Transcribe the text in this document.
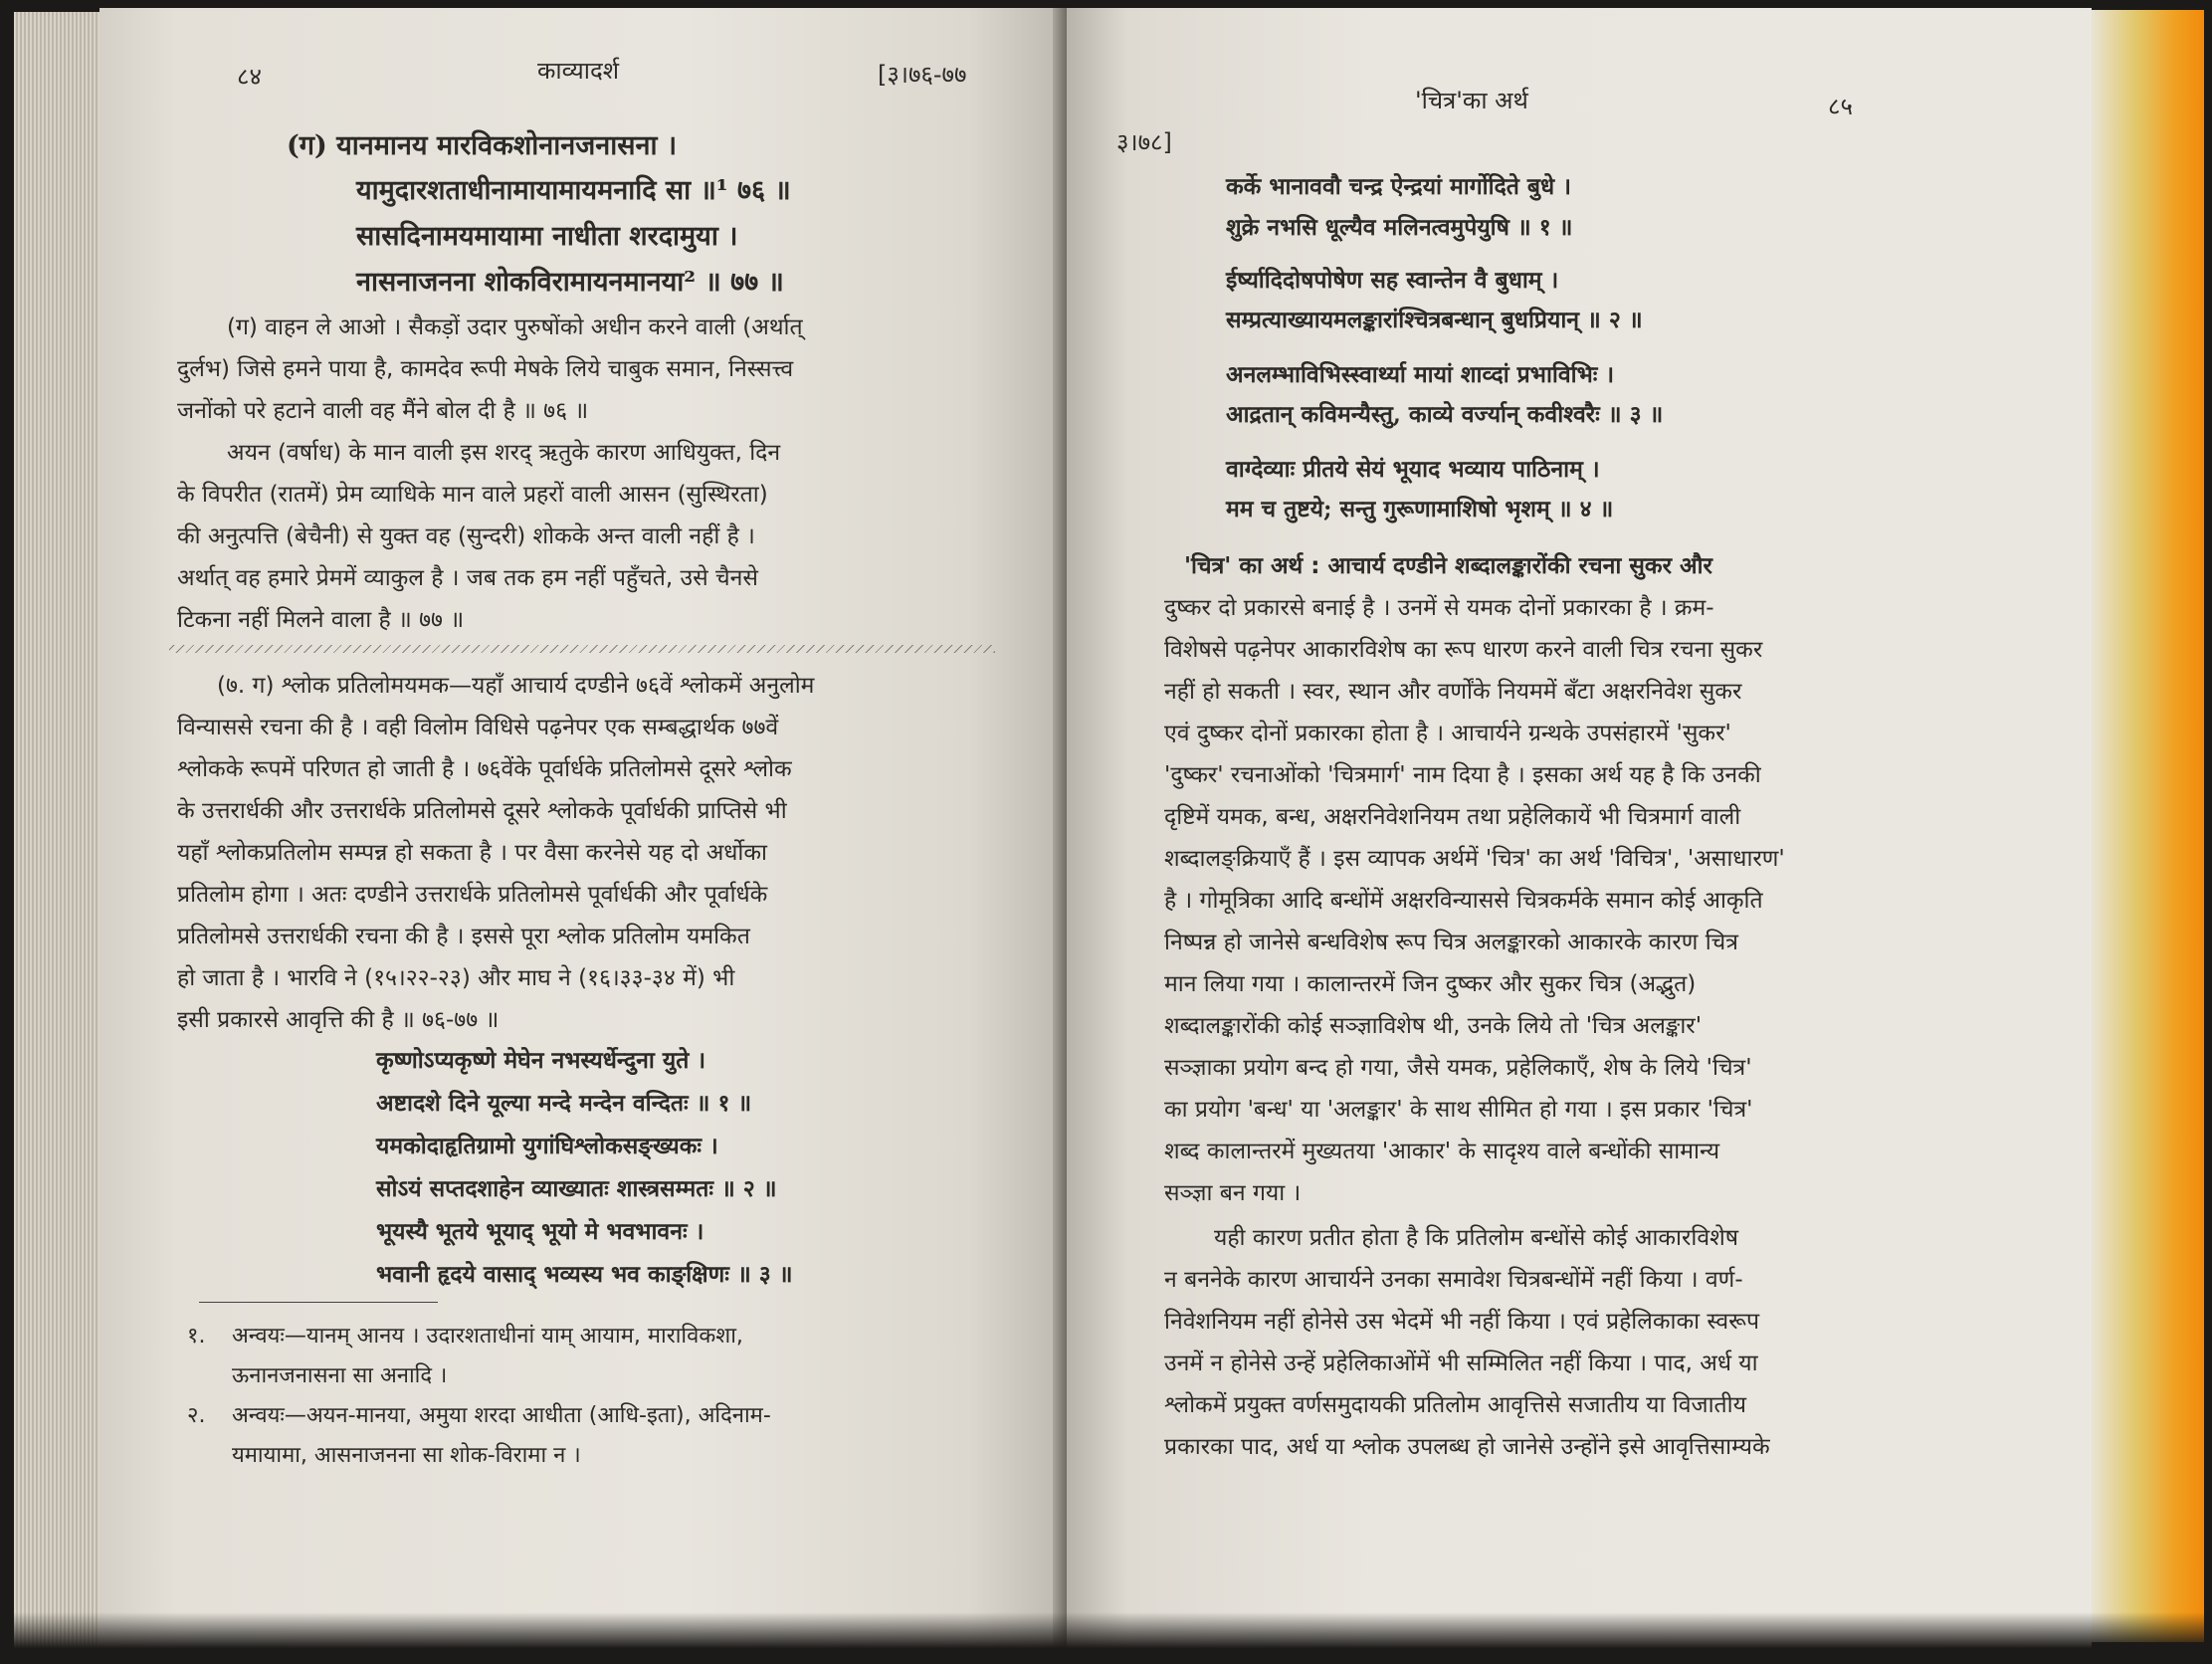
८४	काव्यादर्श	[३।७६-७७
(ग) यानमानय मारविकशोनानजनासना ।
यामुदारशताधीनामायामायमनादि सा ॥¹ ७६ ॥
सासदिनामयमायामा नाधीता शरदामुया ।
नासनाजनना शोकविरामायनमानया² ॥ ७७ ॥
(ग) वाहन ले आओ । सैकड़ों उदार पुरुषोंको अधीन करने वाली (अर्थात्
दुर्लभ) जिसे हमने पाया है, कामदेव रूपी मेषके लिये चाबुक समान, निस्सत्त्व
जनोंको परे हटाने वाली वह मैंने बोल दी है ॥ ७६ ॥
अयन (वर्षाध) के मान वाली इस शरद् ऋतुके कारण आधियुक्त, दिन
के विपरीत (रातमें) प्रेम व्याधिके मान वाले प्रहरों वाली आसन (सुस्थिरता)
की अनुत्पत्ति (बेचैनी) से युक्त वह (सुन्दरी) शोकके अन्त वाली नहीं है ।
अर्थात् वह हमारे प्रेममें व्याकुल है । जब तक हम नहीं पहुँचते, उसे चैनसे
टिकना नहीं मिलने वाला है ॥ ७७ ॥
(७. ग) श्लोक प्रतिलोमयमक—यहाँ आचार्य दण्डीने ७६वें श्लोकमें अनुलोम
विन्याससे रचना की है । वही विलोम विधिसे पढ़नेपर एक सम्बद्धार्थक ७७वें
श्लोकके रूपमें परिणत हो जाती है । ७६वेंके पूर्वार्धके प्रतिलोमसे दूसरे श्लोक
के उत्तरार्धकी और उत्तरार्धके प्रतिलोमसे दूसरे श्लोकके पूर्वार्धकी प्राप्तिसे भी
यहाँ श्लोकप्रतिलोम सम्पन्न हो सकता है । पर वैसा करनेसे यह दो अर्धोका
प्रतिलोम होगा । अतः दण्डीने उत्तरार्धके प्रतिलोमसे पूर्वार्धकी और पूर्वार्धके
प्रतिलोमसे उत्तरार्धकी रचना की है । इससे पूरा श्लोक प्रतिलोम यमकित
हो जाता है । भारवि ने (१५।२२-२३) और माघ ने (१६।३३-३४ में) भी
इसी प्रकारसे आवृत्ति की है ॥ ७६-७७ ॥
कृष्णोऽप्यकृष्णे मेघेन नभस्यर्धेन्दुना युते ।
अष्टादशे दिने यूल्या मन्दे मन्देन वन्दितः ॥ १ ॥
यमकोदाहृतिग्रामो युगांघिश्लोकसङ्ख्यकः ।
सोऽयं सप्तदशाहेन व्याख्यातः शास्त्रसम्मतः ॥ २ ॥
भूयस्यै भूतये भूयाद् भूयो मे भवभावनः ।
भवानी हृदये वासाद् भव्यस्य भव काङ्क्षिणः ॥ ३ ॥
१. अन्वयः—यानम् आनय । उदारशताधीनां याम् आयाम, माराविकशा,
ऊनानजनासना सा अनादि ।
२. अन्वयः—अयन-मानया, अमुया शरदा आधीता (आधि-इता), अदिनाम-
यमायामा, आसनाजनना सा शोक-विरामा न ।
३।७८]
'चित्र'का अर्थ	८५
कर्के भानाववौ चन्द्र ऐन्द्रयां मार्गोदिते बुधे ।
शुक्रे नभसि धूल्यैव मलिनत्वमुपेयुषि ॥ १ ॥
ईर्ष्यादिदोषपोषेण सह स्वान्तेन वै बुधाम् ।
सम्प्रत्याख्यायमलङ्कारांश्चित्रबन्धान् बुधप्रियान् ॥ २ ॥
अनलम्भाविभिस्स्वार्थ्या मायां शाव्दां प्रभाविभिः ।
आद्रतान् कविमन्यैस्तु, काव्ये वर्ज्यान् कवीश्वरैः ॥ ३ ॥
वाग्देव्याः प्रीतये सेयं भूयाद भव्याय पाठिनाम् ।
मम च तुष्टये; सन्तु गुरूणामाशिषो भृशम् ॥ ४ ॥
'चित्र' का अर्थ : आचार्य दण्डीने शब्दालङ्कारोंकी रचना सुकर और
दुष्कर दो प्रकारसे बनाई है । उनमें से यमक दोनों प्रकारका है । क्रम-
विशेषसे पढ़नेपर आकारविशेष का रूप धारण करने वाली चित्र रचना सुकर
नहीं हो सकती । स्वर, स्थान और वर्णोंके नियममें बँटा अक्षरनिवेश सुकर
एवं दुष्कर दोनों प्रकारका होता है । आचार्यने ग्रन्थके उपसंहारमें 'सुकर'
'दुष्कर' रचनाओंको 'चित्रमार्ग' नाम दिया है । इसका अर्थ यह है कि उनकी
दृष्टिमें यमक, बन्ध, अक्षरनिवेशनियम तथा प्रहेलिकायें भी चित्रमार्ग वाली
शब्दालङ्क्रियाएँ हैं । इस व्यापक अर्थमें 'चित्र' का अर्थ 'विचित्र', 'असाधारण'
है । गोमूत्रिका आदि बन्धोंमें अक्षरविन्याससे चित्रकर्मके समान कोई आकृति
निष्पन्न हो जानेसे बन्धविशेष रूप चित्र अलङ्कारको आकारके कारण चित्र
मान लिया गया । कालान्तरमें जिन दुष्कर और सुकर चित्र (अद्भुत)
शब्दालङ्कारोंकी कोई सञ्ज्ञाविशेष थी, उनके लिये तो 'चित्र अलङ्कार'
सञ्ज्ञाका प्रयोग बन्द हो गया, जैसे यमक, प्रहेलिकाएँ, शेष के लिये 'चित्र'
का प्रयोग 'बन्ध' या 'अलङ्कार' के साथ सीमित हो गया । इस प्रकार 'चित्र'
शब्द कालान्तरमें मुख्यतया 'आकार' के सादृश्य वाले बन्धोंकी सामान्य
सञ्ज्ञा बन गया ।
यही कारण प्रतीत होता है कि प्रतिलोम बन्धोंसे कोई आकारविशेष
न बननेके कारण आचार्यने उनका समावेश चित्रबन्धोंमें नहीं किया । वर्ण-
निवेशनियम नहीं होनेसे उस भेदमें भी नहीं किया । एवं प्रहेलिकाका स्वरूप
उनमें न होनेसे उन्हें प्रहेलिकाओंमें भी सम्मिलित नहीं किया । पाद, अर्ध या
श्लोकमें प्रयुक्त वर्णसमुदायकी प्रतिलोम आवृत्तिसे सजातीय या विजातीय
प्रकारका पाद, अर्ध या श्लोक उपलब्ध हो जानेसे उन्होंने इसे आवृत्तिसाम्यके
